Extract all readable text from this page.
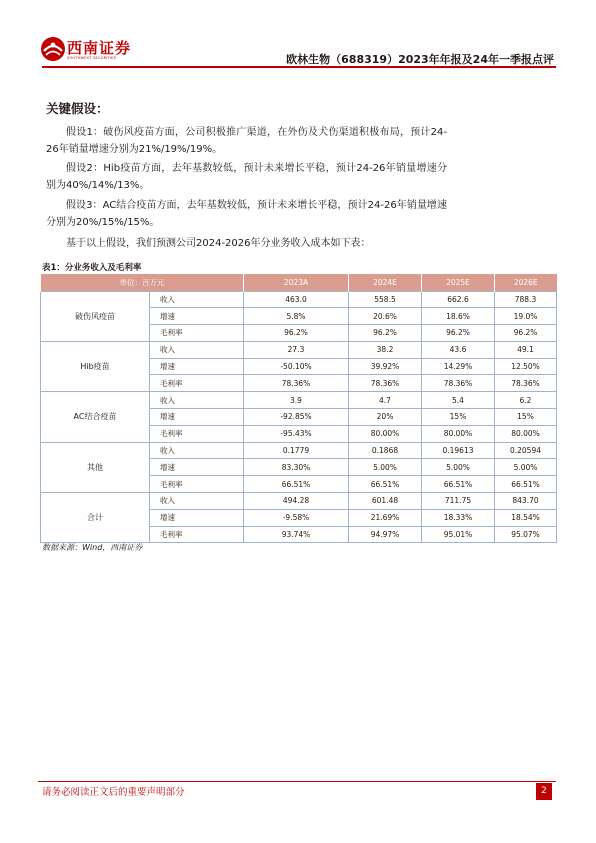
西南证券
SOUTHWEST SECURITIES	欧林生物（688319）2023年年报及24年一季报点评
关键假设：

假设1：破伤风疫苗方面，公司积极推广渠道，在外伤及犬伤渠道积极布局，预计24-26年销量增速分别为21%/19%/19%。

假设2：Hib疫苗方面，去年基数较低，预计未来增长平稳，预计24-26年销量增速分别为40%/14%/13%。

假设3：AC结合疫苗方面，去年基数较低，预计未来增长平稳，预计24-26年销量增速分别为20%/15%/15%。

基于以上假设，我们预测公司2024-2026年分业务收入成本如下表：

表1：分业务收入及毛利率
单位：百万元		2023A	2024E	2025E	2026E
破伤风疫苗	收入	463.0	558.5	662.6	788.3
	增速	5.8%	20.6%	18.6%	19.0%
	毛利率	96.2%	96.2%	96.2%	96.2%
Hib疫苗	收入	27.3	38.2	43.6	49.1
	增速	-50.10%	39.92%	14.29%	12.50%
	毛利率	78.36%	78.36%	78.36%	78.36%
AC结合疫苗	收入	3.9	4.7	5.4	6.2
	增速	-92.85%	20%	15%	15%
	毛利率	-95.43%	80.00%	80.00%	80.00%
其他	收入	0.1779	0.1868	0.19613	0.20594
	增速	83.30%	5.00%	5.00%	5.00%
	毛利率	66.51%	66.51%	66.51%	66.51%
合计	收入	494.28	601.48	711.75	843.70
	增速	-9.58%	21.69%	18.33%	18.54%
	毛利率	93.74%	94.97%	95.01%	95.07%
数据来源：Wind，西南证券
请务必阅读正文后的重要声明部分	2
